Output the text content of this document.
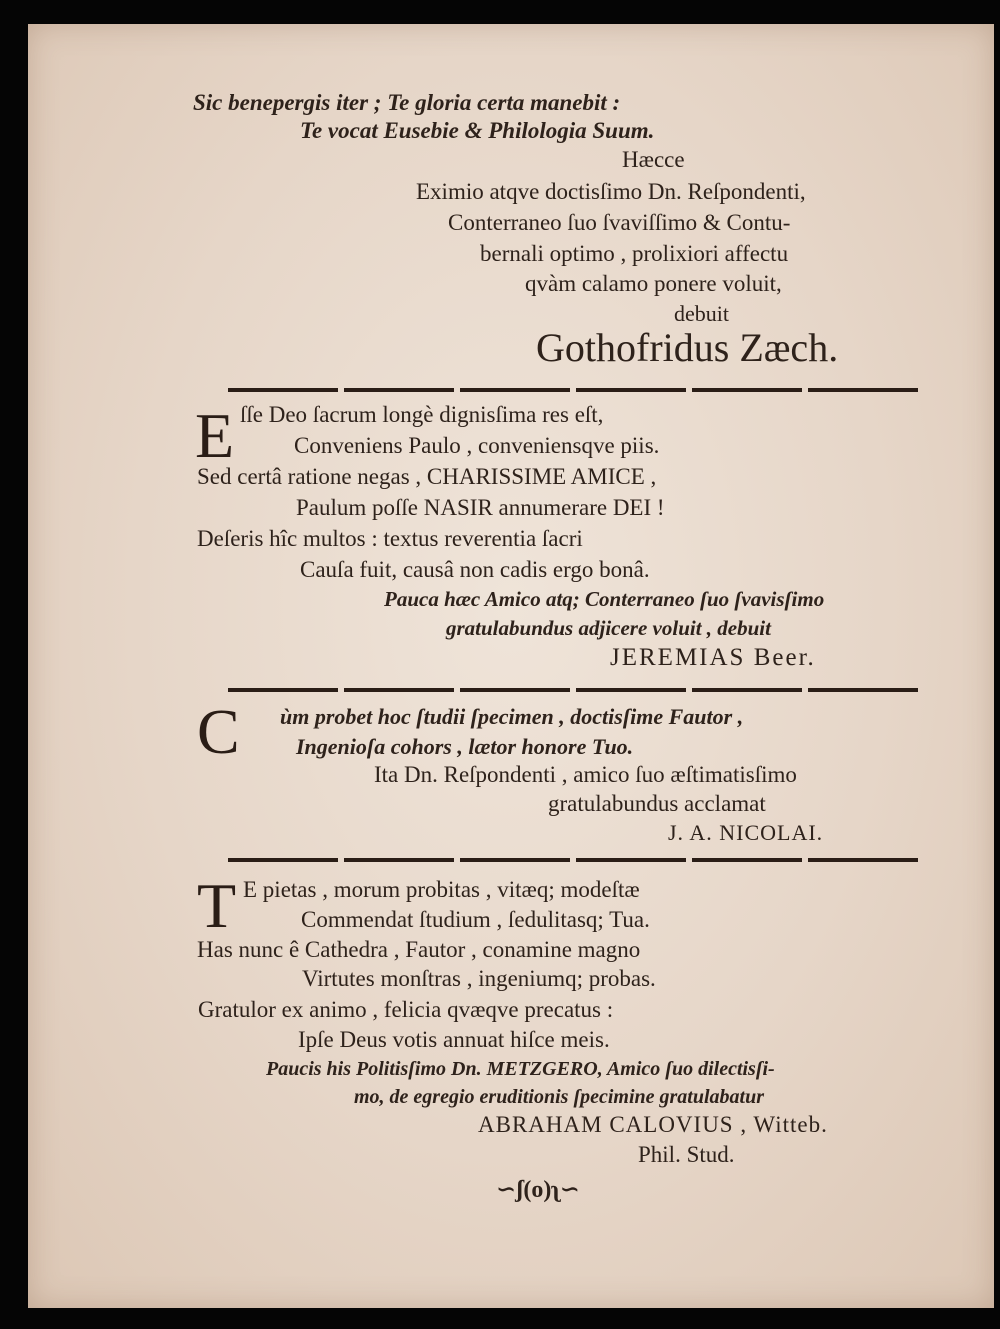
Sic benepergis iter ; Te gloria certa manebit :
Te vocat Eusebie & Philologia Suum.
Hæcce
Eximio atqve doctisſimo Dn. Reſpondenti,
Conterraneo ſuo ſvaviſſimo & Contu-
bernali optimo , prolixiori affectu
qvàm calamo ponere voluit,
debuit
Gothofridus Zæch.
E ſſe Deo ſacrum longè dignisſima res eſt,
Conveniens Paulo , conveniensqve piis.
Sed certâ ratione negas , CHARISSIME AMICE ,
Paulum poſſe NASIR annumerare DEI !
Deſeris hîc multos : textus reverentia ſacri
Cauſa fuit, causâ non cadis ergo bonâ.
Pauca hæc Amico atq; Conterraneo ſuo ſvavisſimo
gratulabundus adjicere voluit , debuit
JEREMIAS Beer.
C ùm probet hoc ſtudii ſpecimen , doctisſime Fautor ,
Ingenioſa cohors , lætor honore Tuo.
Ita Dn. Reſpondenti , amico ſuo æſtimatisſimo
gratulabundus acclamat
J. A. NICOLAI.
T E pietas , morum probitas , vitæq; modeſtæ
Commendat ſtudium , ſedulitasq; Tua.
Has nunc ê Cathedra , Fautor , conamine magno
Virtutes monſtras , ingeniumq; probas.
Gratulor ex animo , felicia qvæqve precatus :
Ipſe Deus votis annuat hiſce meis.
Paucis his Politisſimo Dn. METZGERO, Amico ſuo dilectisſi-
mo, de egregio eruditionis ſpecimine gratulabatur
ABRAHAM CALOVIUS , Witteb.
Phil. Stud.
∽ʃ(o)ʅ∽
